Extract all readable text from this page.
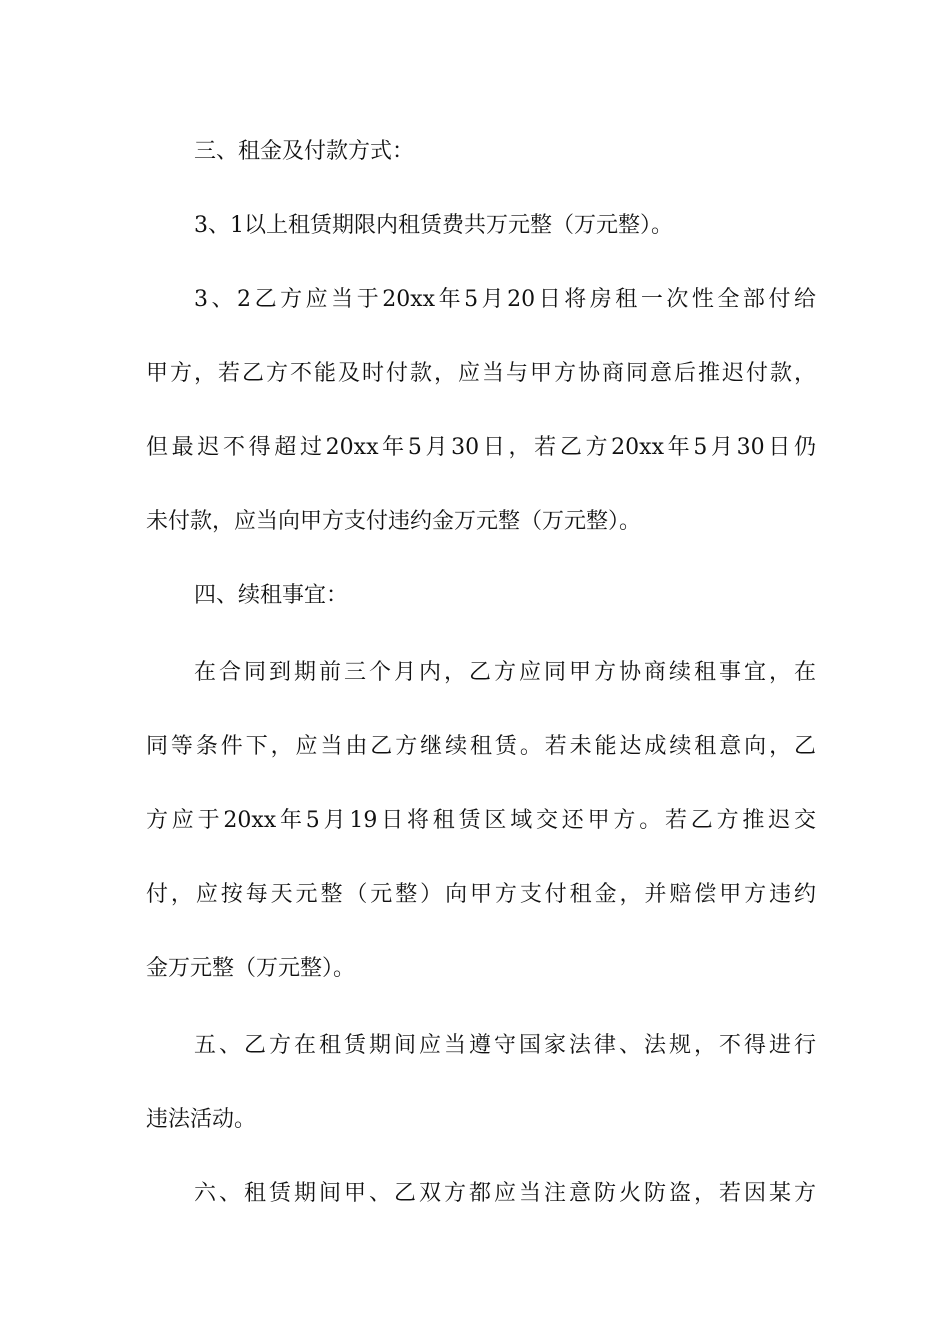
三、租金及付款方式：
3、1以上租赁期限内租赁费共万元整（万元整）。
3、2乙方应当于20xx年5月20日将房租一次性全部付给
甲方，若乙方不能及时付款，应当与甲方协商同意后推迟付款，
但最迟不得超过20xx年5月30日，若乙方20xx年5月30日仍
未付款，应当向甲方支付违约金万元整（万元整）。
四、续租事宜：
在合同到期前三个月内，乙方应同甲方协商续租事宜，在
同等条件下，应当由乙方继续租赁。若未能达成续租意向，乙
方应于20xx年5月19日将租赁区域交还甲方。若乙方推迟交
付，应按每天元整（元整）向甲方支付租金，并赔偿甲方违约
金万元整（万元整）。
五、乙方在租赁期间应当遵守国家法律、法规，不得进行
违法活动。
六、租赁期间甲、乙双方都应当注意防火防盗，若因某方
